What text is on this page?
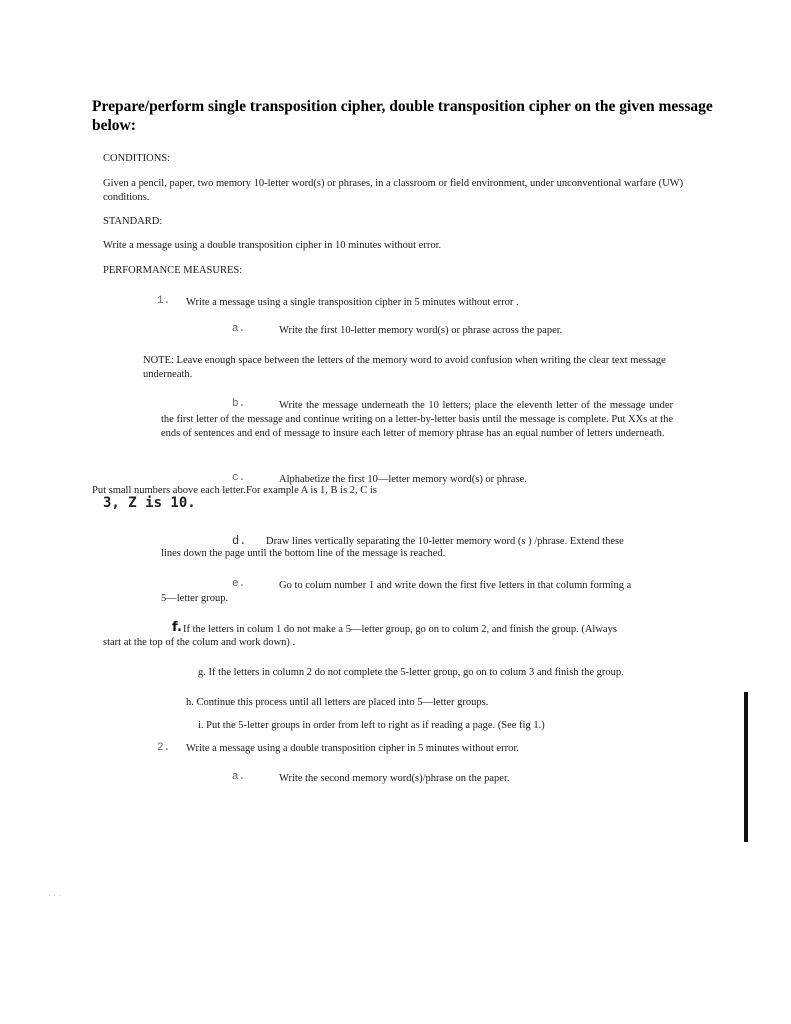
Prepare/perform single transposition cipher, double transposition cipher on the given message below:
CONDITIONS:
Given a pencil, paper, two memory 10-letter word(s) or phrases, in a classroom or field environment, under unconventional warfare (UW) conditions.
STANDARD:
Write a message using a double transposition cipher in 10 minutes without error.
PERFORMANCE MEASURES:
1. Write a message using a single transposition cipher in 5 minutes without error .
a.	Write the first 10-letter memory word(s) or phrase across the paper.
NOTE: Leave enough space between the letters of the memory word to avoid confusion when writing the clear text message underneath.
b.	Write the message underneath the 10 letters; place the eleventh letter of the message under the first letter of the message and continue writing on a letter-by-letter basis until the message is complete. Put XXs at the ends of sentences and end of message to insure each letter of memory phrase has an equal number of letters underneath.
c.	Alphabetize the first 10—letter memory word(s) or phrase.
Put small numbers above each letter.For example A is 1, B is 2, C is
3, Z is 10.
d. Draw lines vertically separating the 10-letter memory word (s ) /phrase. Extend these
lines down the page until the bottom line of the message is reached.
e.	Go to colum number 1 and write down the first five letters in that column forming a
5—letter group.
f. If the letters in colum 1 do not make a 5—letter group, go on to colum 2, and finish the group. (Always
start at the top of the colum and work down) .
g. If the letters in column 2 do not complete the 5-letter group, go on to colum 3 and finish the group.
h. Continue this process until all letters are placed into 5—letter groups.
i. Put the 5-letter groups in order from left to right as if reading a page. (See fig 1.)
2. Write a message using a double transposition cipher in 5 minutes without error.
a.	Write the second memory word(s)/phrase on the paper.
. . .
